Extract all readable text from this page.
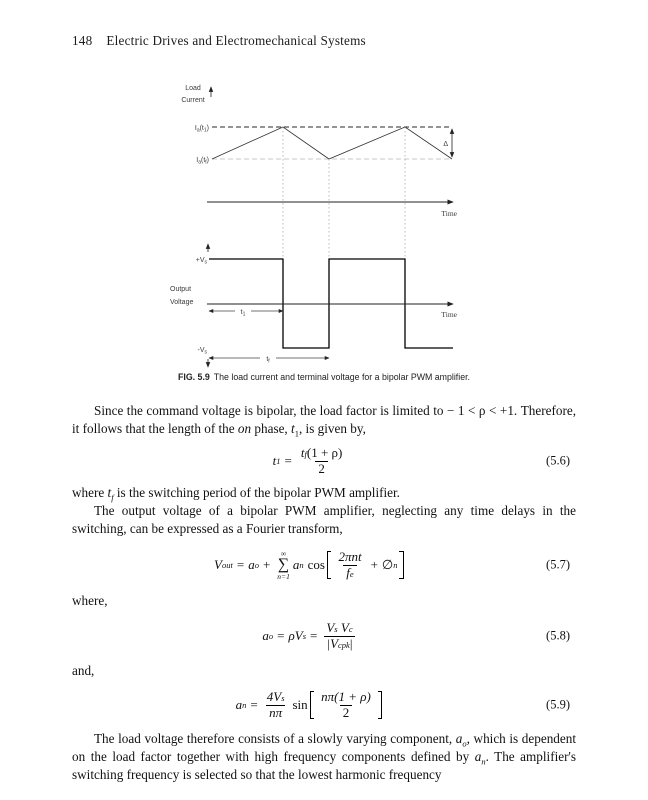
148 Electric Drives and Electromechanical Systems
Load
Current
$I_a(t_1)$
$I_a(t_f)$
Δ
Time
$+V_s$
Output
Voltage
Time
$t_1$
$-V_s$
$t_f$
FIG. 5.9 The load current and terminal voltage for a bipolar PWM amplifier.

Since the command voltage is bipolar, the load factor is limited to − 1 < ρ < +1. Therefore, it follows that the length of the on phase, $t_1$, is given by,

t $1 = \frac{\text{t f (1 + ρ)}}{2}$	(5.6)

where $t_f$ is the switching period of the bipolar PWM amplifier.

The output voltage of a bipolar PWM amplifier, neglecting any time delays in the switching, can be expressed as a Fourier transform,

V out = a o +
∞
∑
n=1
a n $\cos \frac{\text{2πnt}}{\text{f e}}$ + ∅ n	(5.7)

where,

a o = ρV s = V s
V c
|V cpk |	(5.8)

and,

a $n = \frac{\text{4V s}}{n\pi}$ $\sin \frac{n\pi(1 + \rho)}{2}$	(5.9)

The load voltage therefore consists of a slowly varying component, $a_o$, which is dependent on the load factor together with high frequency components defined by $a_n$. The amplifier's switching frequency is selected so that the lowest harmonic frequency
